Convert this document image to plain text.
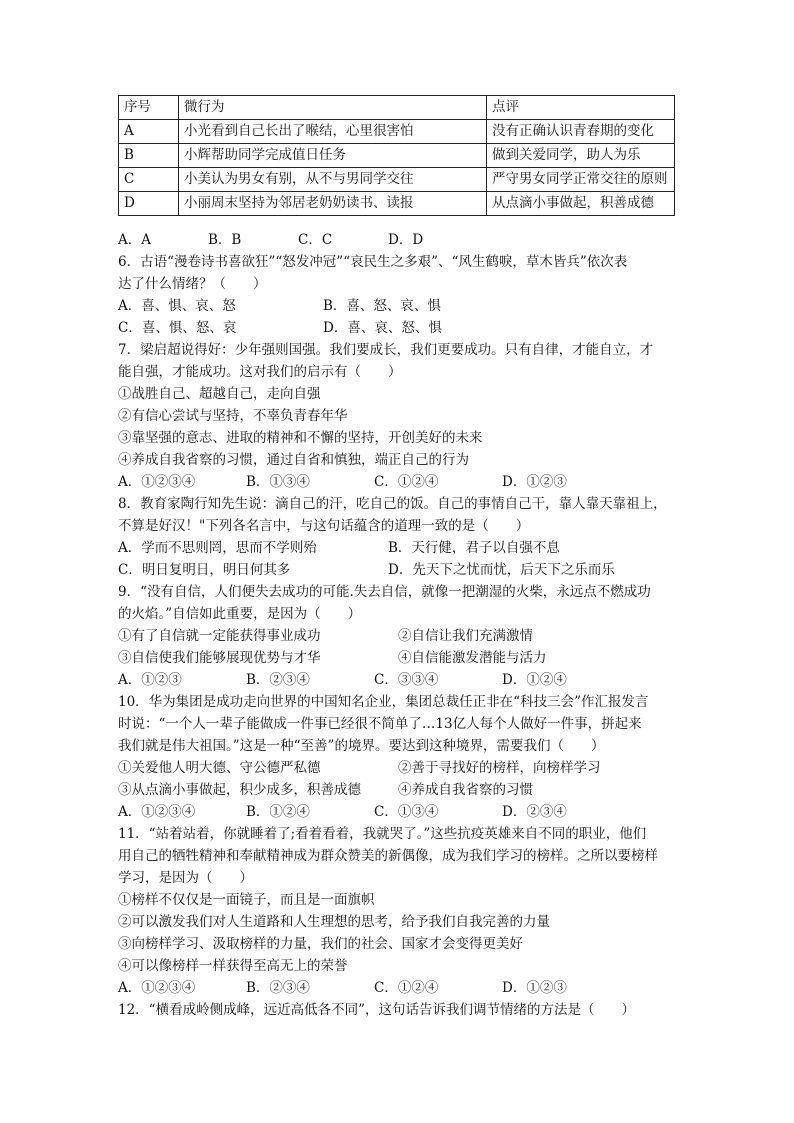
序号	微行为	点评
A	小光看到自己长出了喉结，心里很害怕	没有正确认识青春期的变化
B	小辉帮助同学完成值日任务	做到关爱同学，助人为乐
C	小美认为男女有别，从不与男同学交往	严守男女同学正常交往的原则
D	小丽周末坚持为邻居老奶奶读书、读报	从点滴小事做起，积善成德
A．A	B．B	C．C	D．D
6．古语“漫卷诗书喜欲狂”“怒发冲冠”“哀民生之多艰”、“风生鹤唳，草木皆兵”依次表
达了什么情绪？（　　）
A．喜、惧、哀、怒	B．喜、怒、哀、惧
C．喜、惧、怒、哀	D．喜、哀、怒、惧
7．梁启超说得好：少年强则国强。我们要成长，我们更要成功。只有自律，才能自立，才
能自强，才能成功。这对我们的启示有（　　）
①战胜自己、超越自己，走向自强
②有信心尝试与坚持，不辜负青春年华
③靠坚强的意志、进取的精神和不懈的坚持，开创美好的未来
④养成自我省察的习惯，通过自省和慎独，端正自己的行为
A．①②③④	B．①③④	C．①②④	D．①②③
8．教育家陶行知先生说：滴自己的汗，吃自己的饭。自己的事情自己干，靠人靠天靠祖上，
不算是好汉！"下列各名言中，与这句话蕴含的道理一致的是（　　）
A．学而不思则罔，思而不学则殆	B．天行健，君子以自强不息
C．明日复明日，明日何其多	D．先天下之忧而忧，后天下之乐而乐
9．“没有自信，人们便失去成功的可能.失去自信，就像一把潮湿的火柴，永远点不燃成功
的火焰。”自信如此重要，是因为（　　）
①有了自信就一定能获得事业成功	②自信让我们充满激情
③自信使我们能够展现优势与才华	④自信能激发潜能与活力
A．①②③	B．②③④	C．③③④	D．①②④
10．华为集团是成功走向世界的中国知名企业，集团总裁任正非在“科技三会”作汇报发言
时说：“一个人一辈子能做成一件事已经很不简单了…13亿人每个人做好一件事，拼起来
我们就是伟大祖国。”这是一种“至善”的境界。要达到这种境界，需要我们（　　）
①关爱他人明大德、守公德严私德	②善于寻找好的榜样，向榜样学习
③从点滴小事做起，积少成多，积善成德	④养成自我省察的习惯
A．①②③④	B．①②④	C．①③④	D．②③④
11．“站着站着，你就睡着了;看着看着，我就哭了。”这些抗疫英雄来自不同的职业，他们
用自己的牺牲精神和奉献精神成为群众赞美的新偶像，成为我们学习的榜样。之所以要榜样
学习，是因为（　　）
①榜样不仅仅是一面镜子，而且是一面旗帜
②可以激发我们对人生道路和人生理想的思考，给予我们自我完善的力量
③向榜样学习、汲取榜样的力量，我们的社会、国家才会变得更美好
④可以像榜样一样获得至高无上的荣誉
A．①②③④	B．②③④	C．①②④	D．①②③
12．“横看成岭侧成峰，远近高低各不同”，这句话告诉我们调节情绪的方法是（　　）
